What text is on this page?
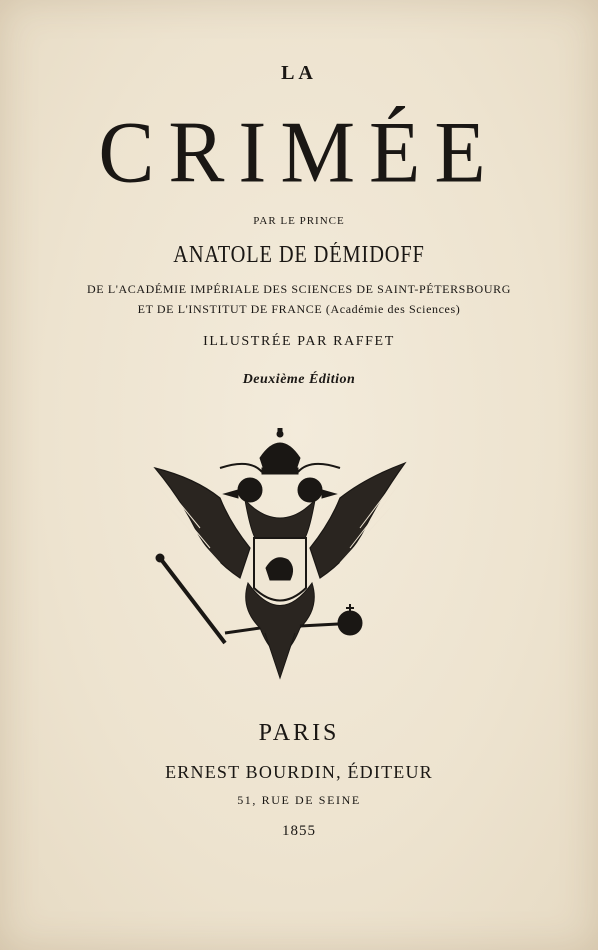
LA
CRIMÉE
PAR LE PRINCE
ANATOLE DE DÉMIDOFF
DE L'ACADÉMIE IMPÉRIALE DES SCIENCES DE SAINT-PÉTERSBOURG
ET DE L'INSTITUT DE FRANCE (Académie des Sciences)
ILLUSTRÉE PAR RAFFET
Deuxième Édition
PARIS
ERNEST BOURDIN, ÉDITEUR
51, RUE DE SEINE
1855
